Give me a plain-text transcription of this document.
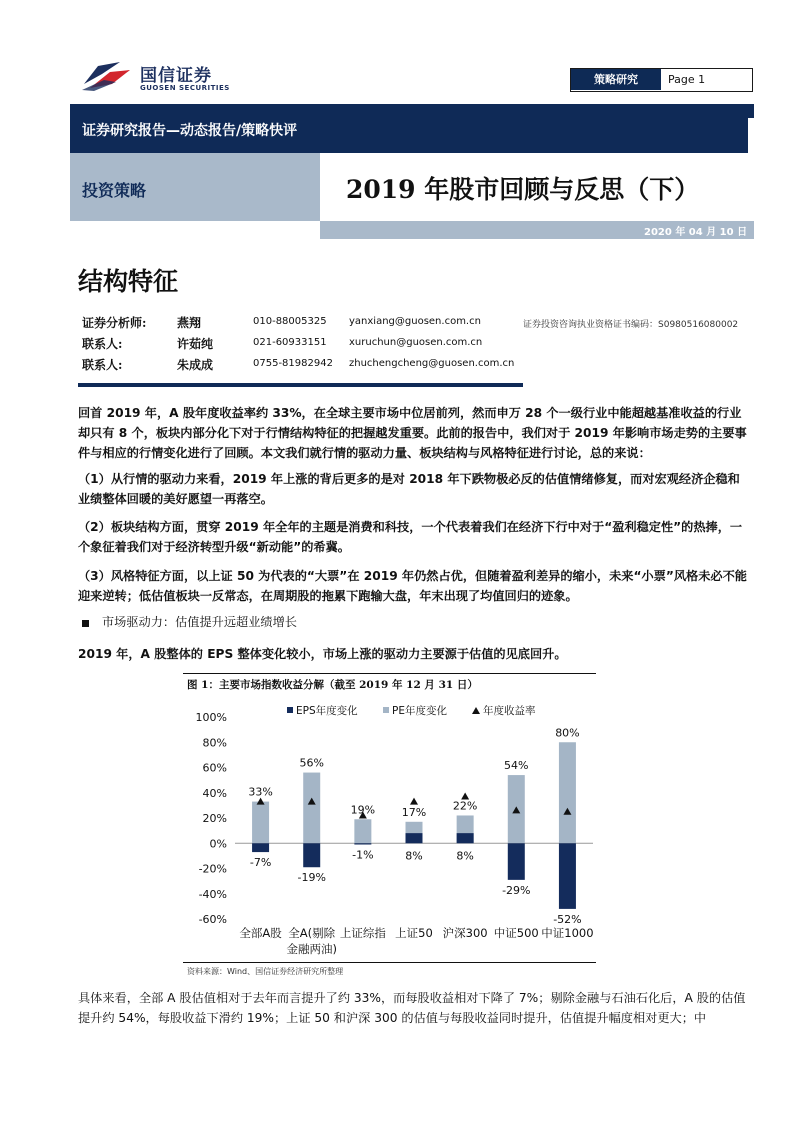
国信证券
GUOSEN SECURITIES
策略研究	Page 1
证券研究报告—动态报告/策略快评
投资策略	2019 年股市回顾与反思（下）
2020 年 04 月 10 日
结构特征
证券分析师:	燕翔	010-88005325 yanxiang@guosen.com.cn	证券投资咨询执业资格证书编码：S0980516080002
联系人:	许茹纯	021-60933151 xuruchun@guosen.com.cn
联系人:	朱成成	0755-81982942 zhuchengcheng@guosen.com.cn
回首 2019 年，A 股年度收益率约 33%，在全球主要市场中位居前列，然而申万 28 个一级行业中能超越基准收益的行业却只有 8 个，板块内部分化下对于行情结构特征的把握越发重要。此前的报告中，我们对于 2019 年影响市场走势的主要事件与相应的行情变化进行了回顾。本文我们就行情的驱动力量、板块结构与风格特征进行讨论，总的来说：
（1）从行情的驱动力来看，2019 年上涨的背后更多的是对 2018 年下跌物极必反的估值情绪修复，而对宏观经济企稳和业绩整体回暖的美好愿望一再落空。
（2）板块结构方面，贯穿 2019 年全年的主题是消费和科技，一个代表着我们在经济下行中对于“盈利稳定性”的热捧，一个象征着我们对于经济转型升级“新动能”的希冀。
（3）风格特征方面，以上证 50 为代表的“大票”在 2019 年仍然占优，但随着盈利差异的缩小，未来“小票”风格未必不能迎来逆转；低估值板块一反常态，在周期股的拖累下跑输大盘，年末出现了均值回归的迹象。
市场驱动力：估值提升远超业绩增长
2019 年，A 股整体的 EPS 整体变化较小，市场上涨的驱动力主要源于估值的见底回升。
图 1：主要市场指数收益分解（截至 2019 年 12 月 31 日）
100%
80%
60%
40%
20%
0%
-20%
-40%
-60%
33%
-7%
全部A股
56%
-19%
全A(剔除
金融两油)
19%
-1%
上证综指
17%
8%
上证50
22%
8%
沪深300
54%
-29%
中证500
80%
-52%
中证1000
EPS年度变化	PE年度变化	年度收益率
资料来源：Wind、国信证券经济研究所整理
具体来看，全部 A 股估值相对于去年而言提升了约 33%，而每股收益相对下降了 7%；剔除金融与石油石化后，A 股的估值提升约 54%，每股收益下滑约 19%；上证 50 和沪深 300 的估值与每股收益同时提升，估值提升幅度相对更大；中
